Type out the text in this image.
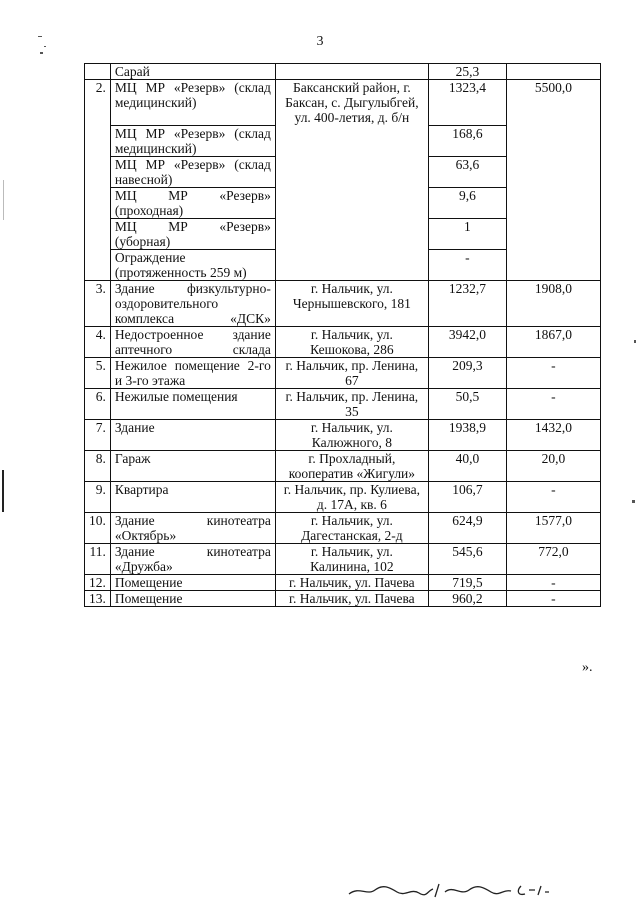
3
	Сарай		25,3	
2.	МЦ МР «Резерв» (склад медицинский)	Баксанский район, г. Баксан, с. Дыгулыбгей, ул. 400-летия, д. б/н	1323,4	5500,0
	МЦ МР «Резерв» (склад медицинский)		168,6	
	МЦ МР «Резерв» (склад навесной)		63,6	
	МЦ МР «Резерв» (проходная)		9,6	
	МЦ МР «Резерв» (уборная)		1	
	Ограждение (протяженность 259 м)		-	
3.	Здание физкультурно-оздоровительного комплекса «ДСК»	г. Нальчик, ул. Чернышевского, 181	1232,7	1908,0
4.	Недостроенное здание аптечного склада	г. Нальчик, ул. Кешокова, 286	3942,0	1867,0
5.	Нежилое помещение 2-го и 3-го этажа	г. Нальчик, пр. Ленина, 67	209,3	-
6.	Нежилые помещения	г. Нальчик, пр. Ленина, 35	50,5	-
7.	Здание	г. Нальчик, ул. Калюжного, 8	1938,9	1432,0
8.	Гараж	г. Прохладный, кооператив «Жигули»	40,0	20,0
9.	Квартира	г. Нальчик, пр. Кулиева, д. 17А, кв. 6	106,7	-
10.	Здание кинотеатра «Октябрь»	г. Нальчик, ул. Дагестанская, 2-д	624,9	1577,0
11.	Здание кинотеатра «Дружба»	г. Нальчик, ул. Калинина, 102	545,6	772,0
12.	Помещение	г. Нальчик, ул. Пачева	719,5	-
13.	Помещение	г. Нальчик, ул. Пачева	960,2	-
».
